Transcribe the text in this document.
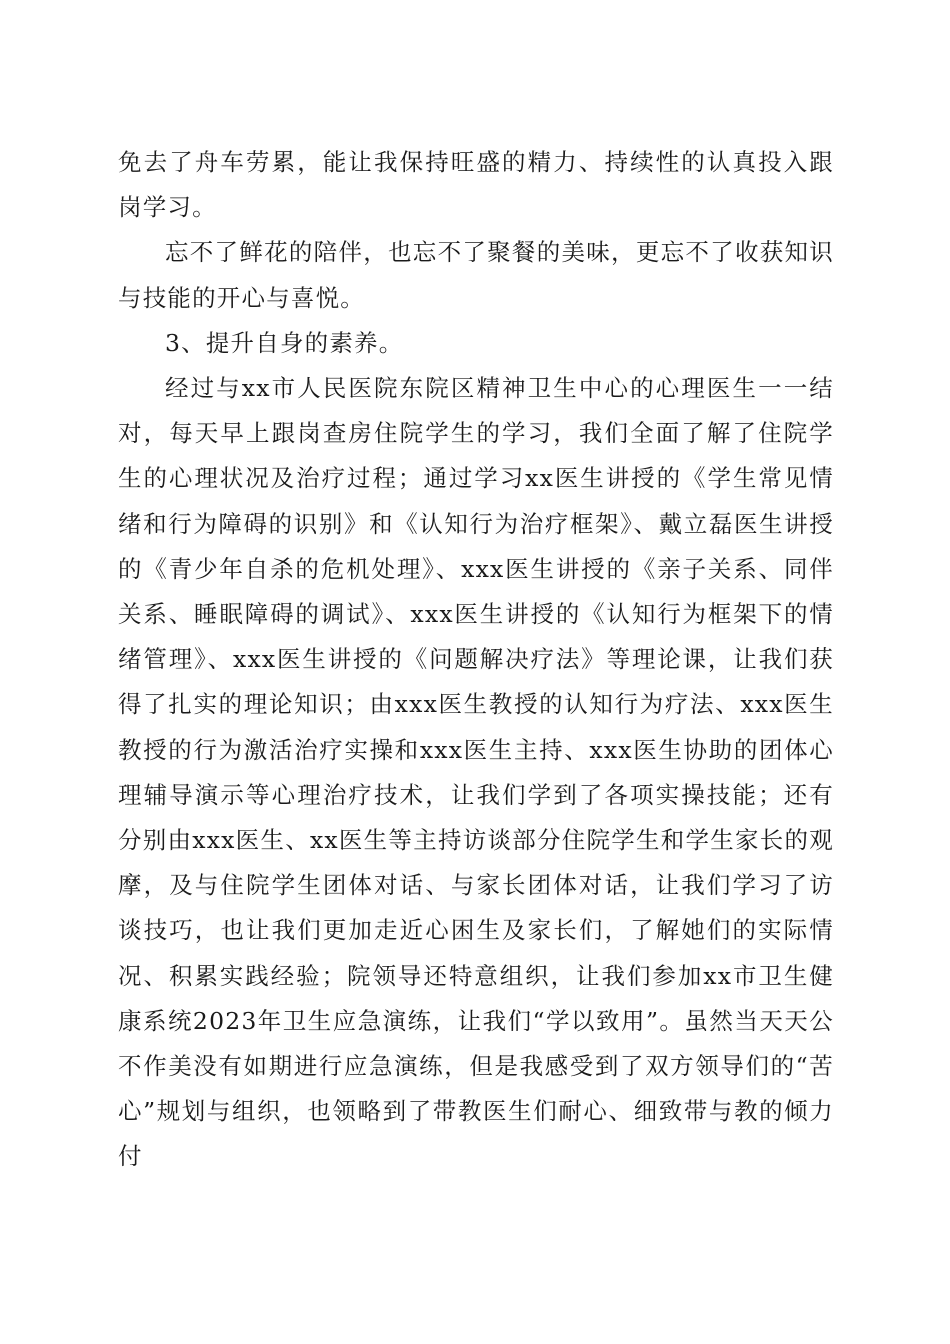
免去了舟车劳累，能让我保持旺盛的精力、持续性的认真投入跟岗学习。

忘不了鲜花的陪伴，也忘不了聚餐的美味，更忘不了收获知识与技能的开心与喜悦。

3、提升自身的素养。

经过与xx市人民医院东院区精神卫生中心的心理医生一一结对，每天早上跟岗查房住院学生的学习，我们全面了解了住院学生的心理状况及治疗过程；通过学习xx医生讲授的《学生常见情绪和行为障碍的识别》和《认知行为治疗框架》、戴立磊医生讲授的《青少年自杀的危机处理》、xxx医生讲授的《亲子关系、同伴关系、睡眠障碍的调试》、xxx医生讲授的《认知行为框架下的情绪管理》、xxx医生讲授的《问题解决疗法》等理论课，让我们获得了扎实的理论知识；由xxx医生教授的认知行为疗法、xxx医生教授的行为激活治疗实操和xxx医生主持、xxx医生协助的团体心理辅导演示等心理治疗技术，让我们学到了各项实操技能；还有分别由xxx医生、xx医生等主持访谈部分住院学生和学生家长的观摩，及与住院学生团体对话、与家长团体对话，让我们学习了访谈技巧，也让我们更加走近心困生及家长们，了解她们的实际情况、积累实践经验；院领导还特意组织，让我们参加xx市卫生健康系统2023年卫生应急演练，让我们“学以致用”。虽然当天天公不作美没有如期进行应急演练，但是我感受到了双方领导们的“苦心”规划与组织，也领略到了带教医生们耐心、细致带与教的倾力付
